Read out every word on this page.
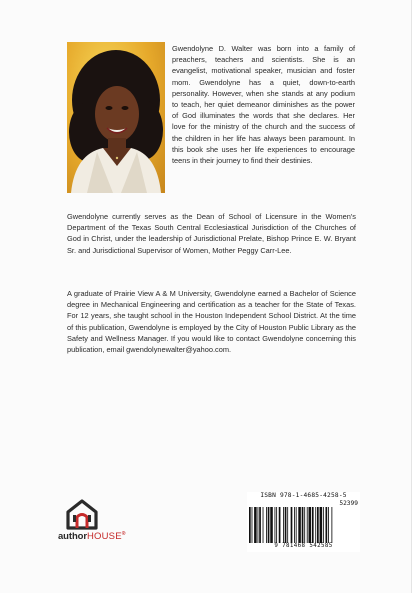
Gwendolyne D. Walter was born into a family of preachers, teachers and scientists. She is an evangelist, motivational speaker, musician and foster mom. Gwendolyne has a quiet, down-to-earth personality. However, when she stands at any podium to teach, her quiet demeanor diminishes as the power of God illuminates the words that she declares. Her love for the ministry of the church and the success of the children in her life has always been paramount. In this book she uses her life experiences to encourage teens in their journey to find their destinies.
Gwendolyne currently serves as the Dean of School of Licensure in the Women's Department of the Texas South Central Ecclesiastical Jurisdiction of the Churches of God in Christ, under the leadership of Jurisdictional Prelate, Bishop Prince E. W. Bryant Sr. and Jurisdictional Supervisor of Women, Mother Peggy Carr-Lee.
A graduate of Prairie View A & M University, Gwendolyne earned a Bachelor of Science degree in Mechanical Engineering and certification as a teacher for the State of Texas. For 12 years, she taught school in the Houston Independent School District. At the time of this publication, Gwendolyne is employed by the City of Houston Public Library as the Safety and Wellness Manager. If you would like to contact Gwendolyne concerning this publication, email gwendolynewalter@yahoo.com.
authorHOUSE®
ISBN 978-1-4685-4258-5
52399
9 781468 542585
